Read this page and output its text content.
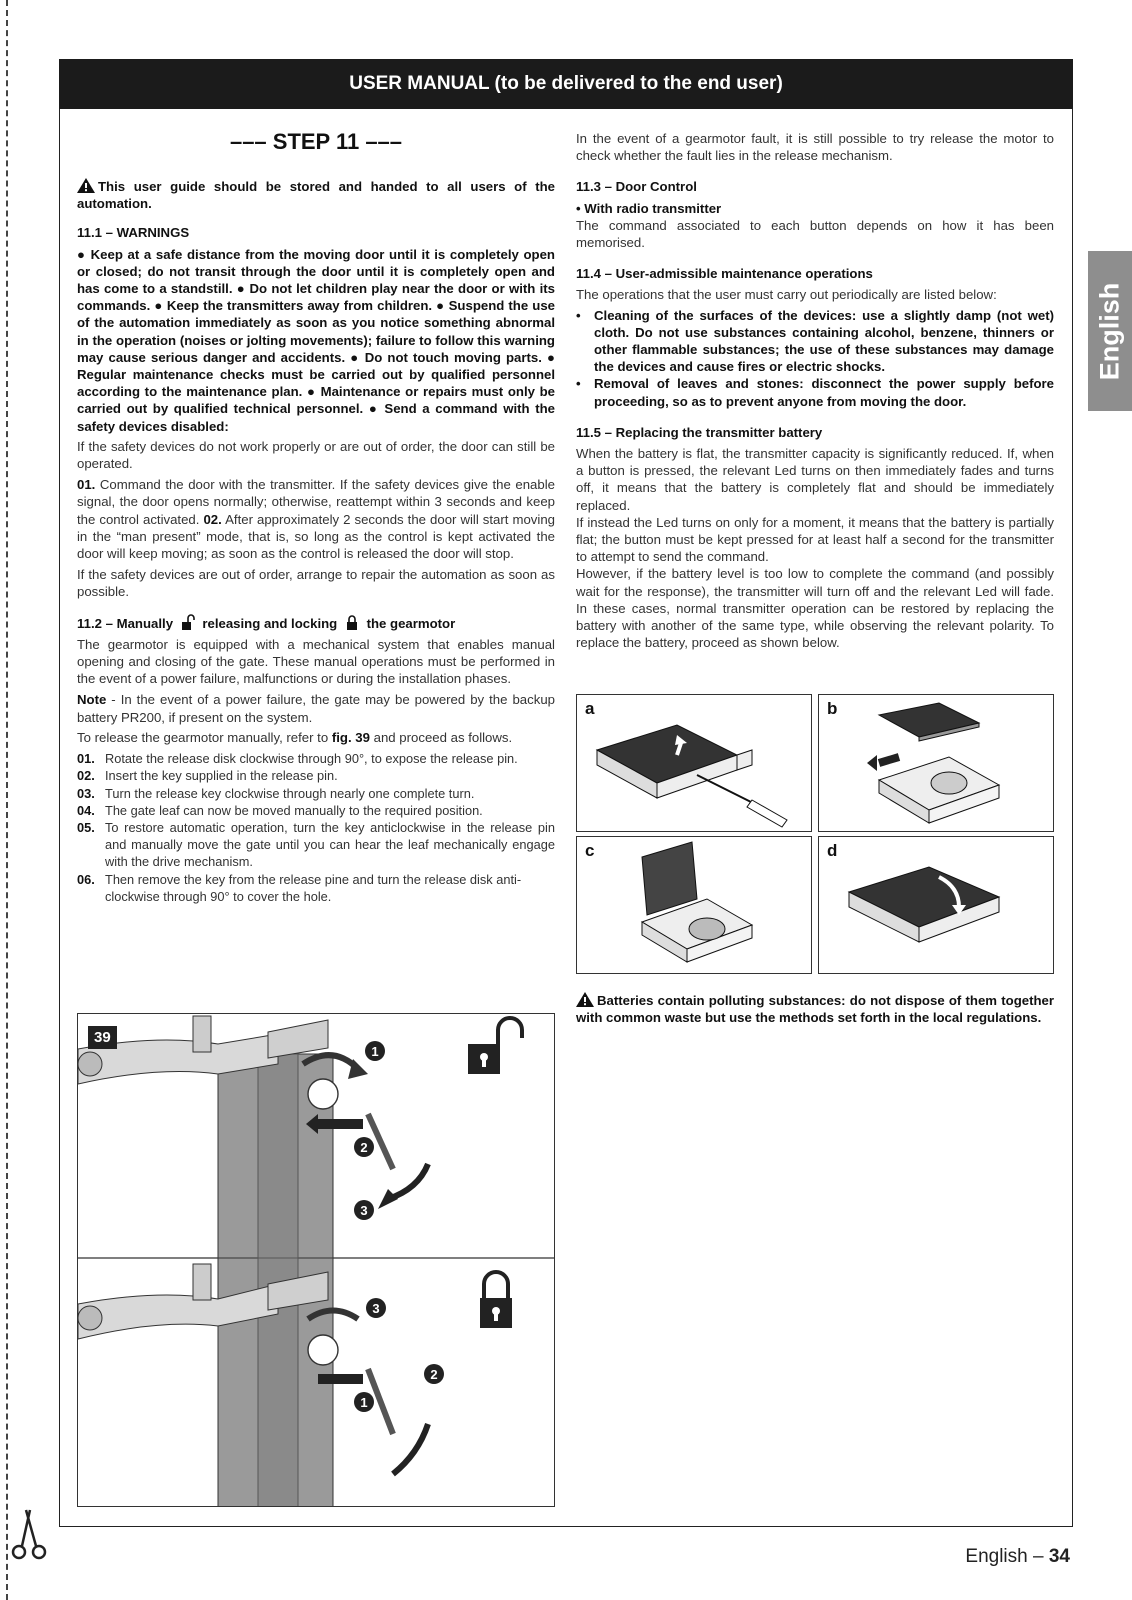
USER MANUAL (to be delivered to the end user)
English
––– STEP 11 –––

This user guide should be stored and handed to all users of the automation.

11.1 – WARNINGS

● Keep at a safe distance from the moving door until it is completely open or closed; do not transit through the door until it is completely open and has come to a standstill. ● Do not let children play near the door or with its commands. ● Keep the transmitters away from children. ● Suspend the use of the automation immediately as soon as you notice something abnormal in the operation (noises or jolting movements); failure to follow this warning may cause serious danger and accidents. ● Do not touch moving parts. ● Regular maintenance checks must be carried out by qualified personnel according to the maintenance plan. ● Maintenance or repairs must only be carried out by qualified technical personnel. ● Send a command with the safety devices disabled:

If the safety devices do not work properly or are out of order, the door can still be operated.

01. Command the door with the transmitter. If the safety devices give the enable signal, the door opens normally; otherwise, reattempt within 3 seconds and keep the control activated. 02. After approximately 2 seconds the door will start moving in the “man present” mode, that is, so long as the control is kept activated the door will keep moving; as soon as the control is released the door will stop.

If the safety devices are out of order, arrange to repair the automation as soon as possible.

11.2 – Manually releasing and locking the gearmotor

The gearmotor is equipped with a mechanical system that enables manual opening and closing of the gate. These manual operations must be performed in the event of a power failure, malfunctions or during the installation phases.

Note - In the event of a power failure, the gate may be powered by the backup battery PR200, if present on the system.

To release the gearmotor manually, refer to fig. 39 and proceed as follows.

01. Rotate the release disk clockwise through 90°, to expose the release pin.
02. Insert the key supplied in the release pin.
03. Turn the release key clockwise through nearly one complete turn.
04. The gate leaf can now be moved manually to the required position.
05. To restore automatic operation, turn the key anticlockwise in the release pin and manually move the gate until you can hear the leaf mechanically engage with the drive mechanism.
06. Then remove the key from the release pine and turn the release disk anti-clockwise through 90° to cover the hole.
1
2
3
3
2
1
39

In the event of a gearmotor fault, it is still possible to try release the motor to check whether the fault lies in the release mechanism.

11.3 – Door Control
• With radio transmitter

The command associated to each button depends on how it has been memorised.

11.4 – User-admissible maintenance operations

The operations that the user must carry out periodically are listed below:

•	Cleaning of the surfaces of the devices: use a slightly damp (not wet) cloth. Do not use substances containing alcohol, benzene, thinners or other flammable substances; the use of these substances may damage the devices and cause fires or electric shocks.
•	Removal of leaves and stones: disconnect the power supply before proceeding, so as to prevent anyone from moving the door.
11.5 – Replacing the transmitter battery

When the battery is flat, the transmitter capacity is significantly reduced. If, when a button is pressed, the relevant Led turns on then immediately fades and turns off, it means that the battery is completely flat and should be immediately replaced.
If instead the Led turns on only for a moment, it means that the battery is partially flat; the button must be kept pressed for at least half a second for the transmitter to attempt to send the command.
However, if the battery level is too low to complete the command (and possibly wait for the response), the transmitter will turn off and the relevant Led will fade. In these cases, normal transmitter operation can be restored by replacing the battery with another of the same type, while observing the relevant polarity. To replace the battery, proceed as shown below.

a	b
c	d

Batteries contain polluting substances: do not dispose of them together with common waste but use the methods set forth in the local regulations.

English – 34
